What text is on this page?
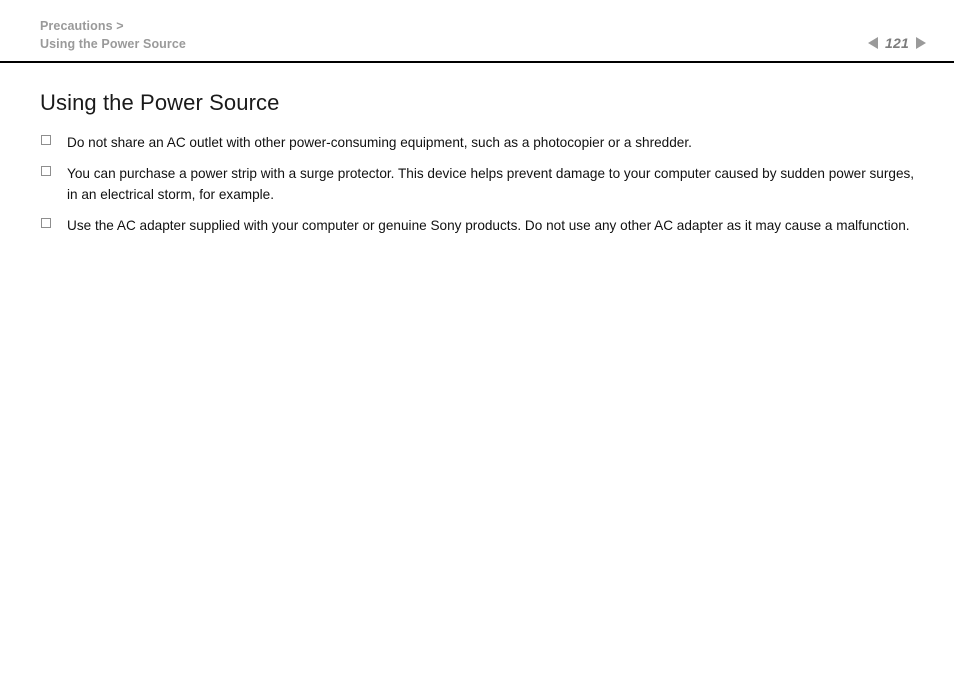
Precautions >
Using the Power Source	121
Using the Power Source
Do not share an AC outlet with other power-consuming equipment, such as a photocopier or a shredder.
You can purchase a power strip with a surge protector. This device helps prevent damage to your computer caused by sudden power surges, in an electrical storm, for example.
Use the AC adapter supplied with your computer or genuine Sony products. Do not use any other AC adapter as it may cause a malfunction.
